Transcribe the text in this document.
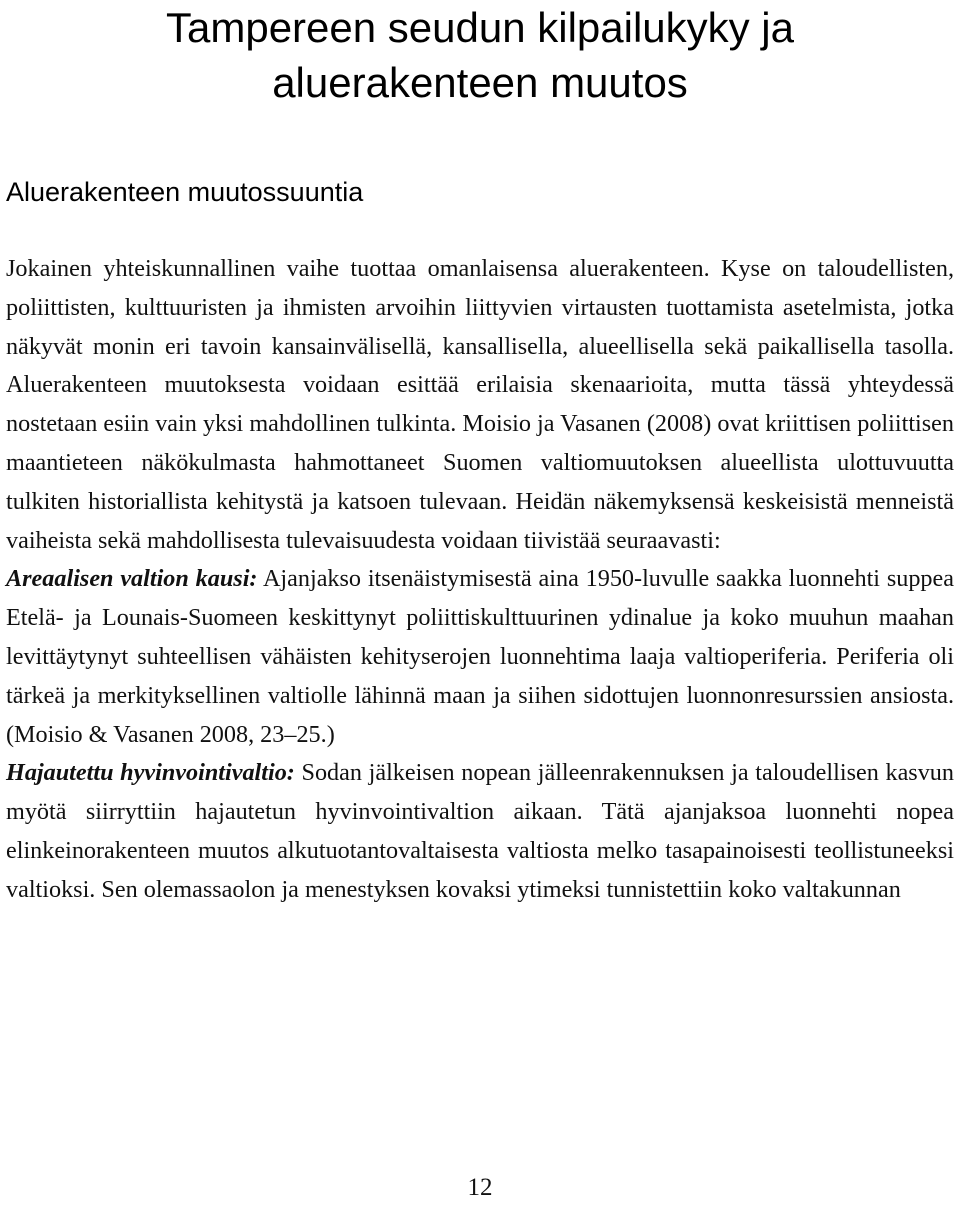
Tampereen seudun kilpailukyky ja
aluerakenteen muutos
Aluerakenteen muutossuuntia

Jokainen yhteiskunnallinen vaihe tuottaa omanlaisensa aluerakenteen. Kyse on taloudellisten, poliittisten, kulttuuristen ja ihmisten arvoihin liittyvien virtausten tuottamista asetelmista, jotka näkyvät monin eri tavoin kansainvälisellä, kansallisella, alueellisella sekä paikallisella tasolla. Aluerakenteen muutoksesta voidaan esittää erilaisia skenaarioita, mutta tässä yhteydessä nostetaan esiin vain yksi mahdollinen tulkinta. Moisio ja Vasanen (2008) ovat kriittisen poliittisen maantieteen näkökulmasta hahmottaneet Suomen valtiomuutoksen alueellista ulottuvuutta tulkiten historiallista kehitystä ja katsoen tulevaan. Heidän näkemyksensä keskeisistä menneistä vaiheista sekä mahdollisesta tulevaisuudesta voidaan tiivistää seuraavasti:

Areaalisen valtion kausi: Ajanjakso itsenäistymisestä aina 1950-luvulle saakka luonnehti suppea Etelä- ja Lounais-Suomeen keskittynyt poliittiskulttuurinen ydinalue ja koko muuhun maahan levittäytynyt suhteellisen vähäisten kehityserojen luonnehtima laaja valtioperiferia. Periferia oli tärkeä ja merkityksellinen valtiolle lähinnä maan ja siihen sidottujen luonnonresurssien ansiosta. (Moisio & Vasanen 2008, 23–25.)

Hajautettu hyvinvointivaltio: Sodan jälkeisen nopean jälleenrakennuksen ja taloudellisen kasvun myötä siirryttiin hajautetun hyvinvointivaltion aikaan. Tätä ajanjaksoa luonnehti nopea elinkeinorakenteen muutos alkutuotantovaltaisesta valtiosta melko tasapainoisesti teollistuneeksi valtioksi. Sen olemassaolon ja menestyksen kovaksi ytimeksi tunnistettiin koko valtakunnan

12
